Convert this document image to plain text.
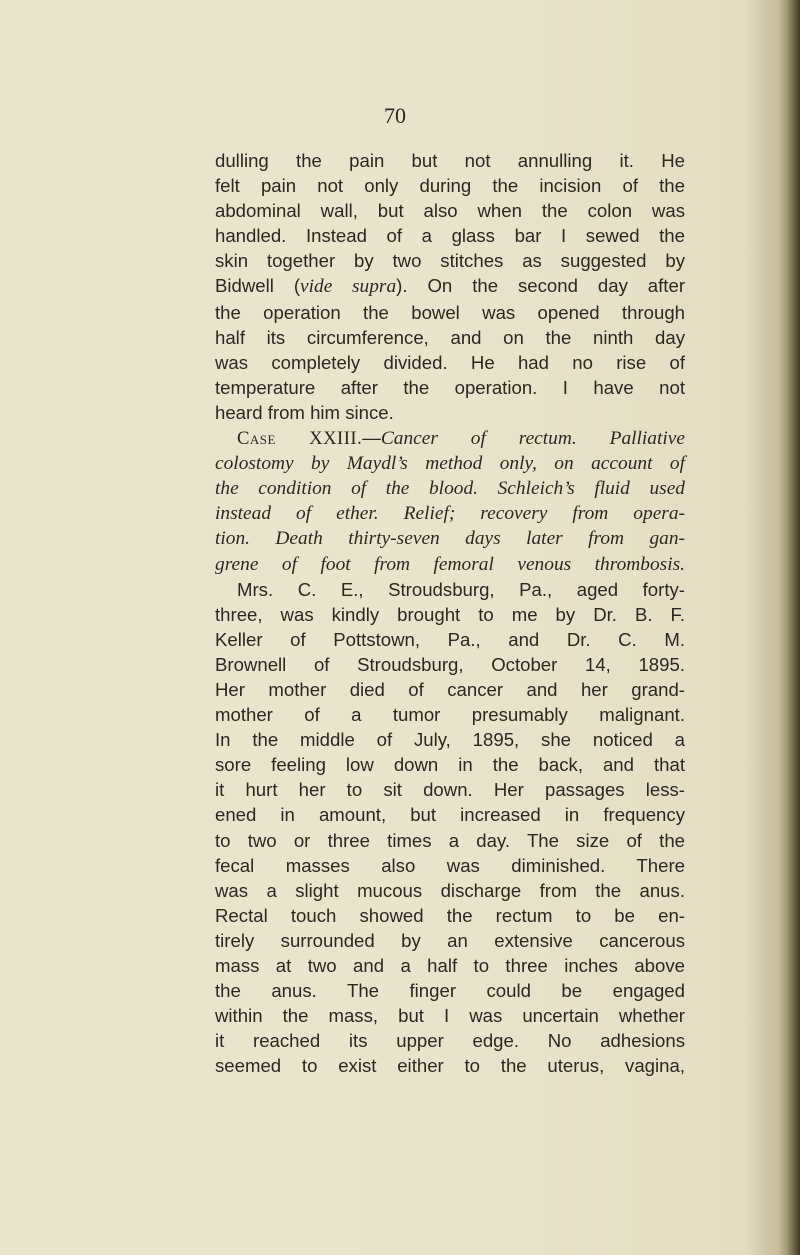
70
dulling the pain but not annulling it. He
felt pain not only during the incision of the
abdominal wall, but also when the colon was
handled. Instead of a glass bar I sewed the
skin together by two stitches as suggested by
Bidwell (vide supra). On the second day after
the operation the bowel was opened through
half its circumference, and on the ninth day
was completely divided. He had no rise of
temperature after the operation. I have not
heard from him since.
Case XXIII.—Cancer of rectum. Palliative
colostomy by Maydl’s method only, on account of
the condition of the blood. Schleich’s fluid used
instead of ether. Relief; recovery from opera-
tion. Death thirty-seven days later from gan-
grene of foot from femoral venous thrombosis.
Mrs. C. E., Stroudsburg, Pa., aged forty-
three, was kindly brought to me by Dr. B. F.
Keller of Pottstown, Pa., and Dr. C. M.
Brownell of Stroudsburg, October 14, 1895.
Her mother died of cancer and her grand-
mother of a tumor presumably malignant.
In the middle of July, 1895, she noticed a
sore feeling low down in the back, and that
it hurt her to sit down. Her passages less-
ened in amount, but increased in frequency
to two or three times a day. The size of the
fecal masses also was diminished. There
was a slight mucous discharge from the anus.
Rectal touch showed the rectum to be en-
tirely surrounded by an extensive cancerous
mass at two and a half to three inches above
the anus. The finger could be engaged
within the mass, but I was uncertain whether
it reached its upper edge. No adhesions
seemed to exist either to the uterus, vagina,
